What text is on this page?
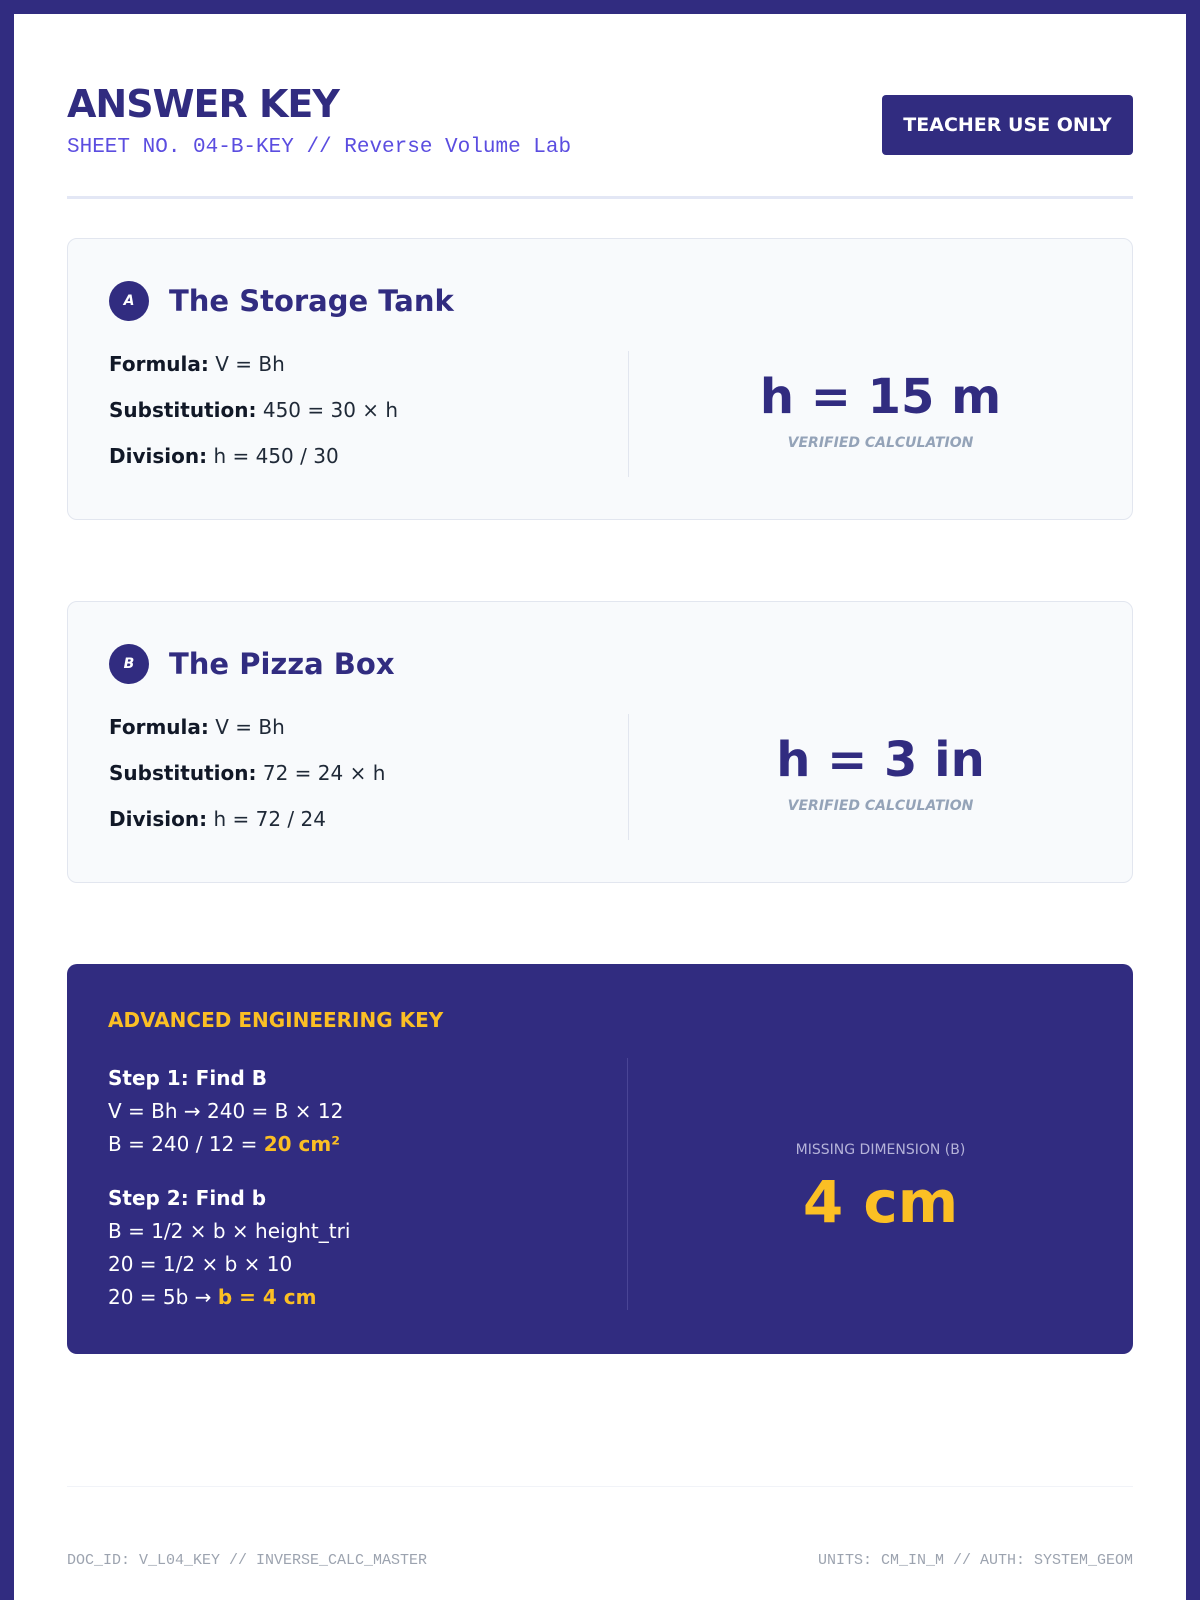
ANSWER KEY
SHEET NO. 04-B-KEY // Reverse Volume Lab
TEACHER USE ONLY
A	The Storage Tank
Formula: V = Bh
Substitution: 450 = 30 × h
Division: h = 450 / 30
h = 15 m
VERIFIED CALCULATION
B	The Pizza Box
Formula: V = Bh
Substitution: 72 = 24 × h
Division: h = 72 / 24
h = 3 in
VERIFIED CALCULATION
ADVANCED ENGINEERING KEY
Step 1: Find B
V = Bh → 240 = B × 12
B = 240 / 12 = 20 cm²
Step 2: Find b
B = 1/2 × b × height_tri
20 = 1/2 × b × 10
20 = 5b → b = 4 cm
MISSING DIMENSION (B)
4 cm
DOC_ID: V_L04_KEY // INVERSE_CALC_MASTER	UNITS: CM_IN_M // AUTH: SYSTEM_GEOM
